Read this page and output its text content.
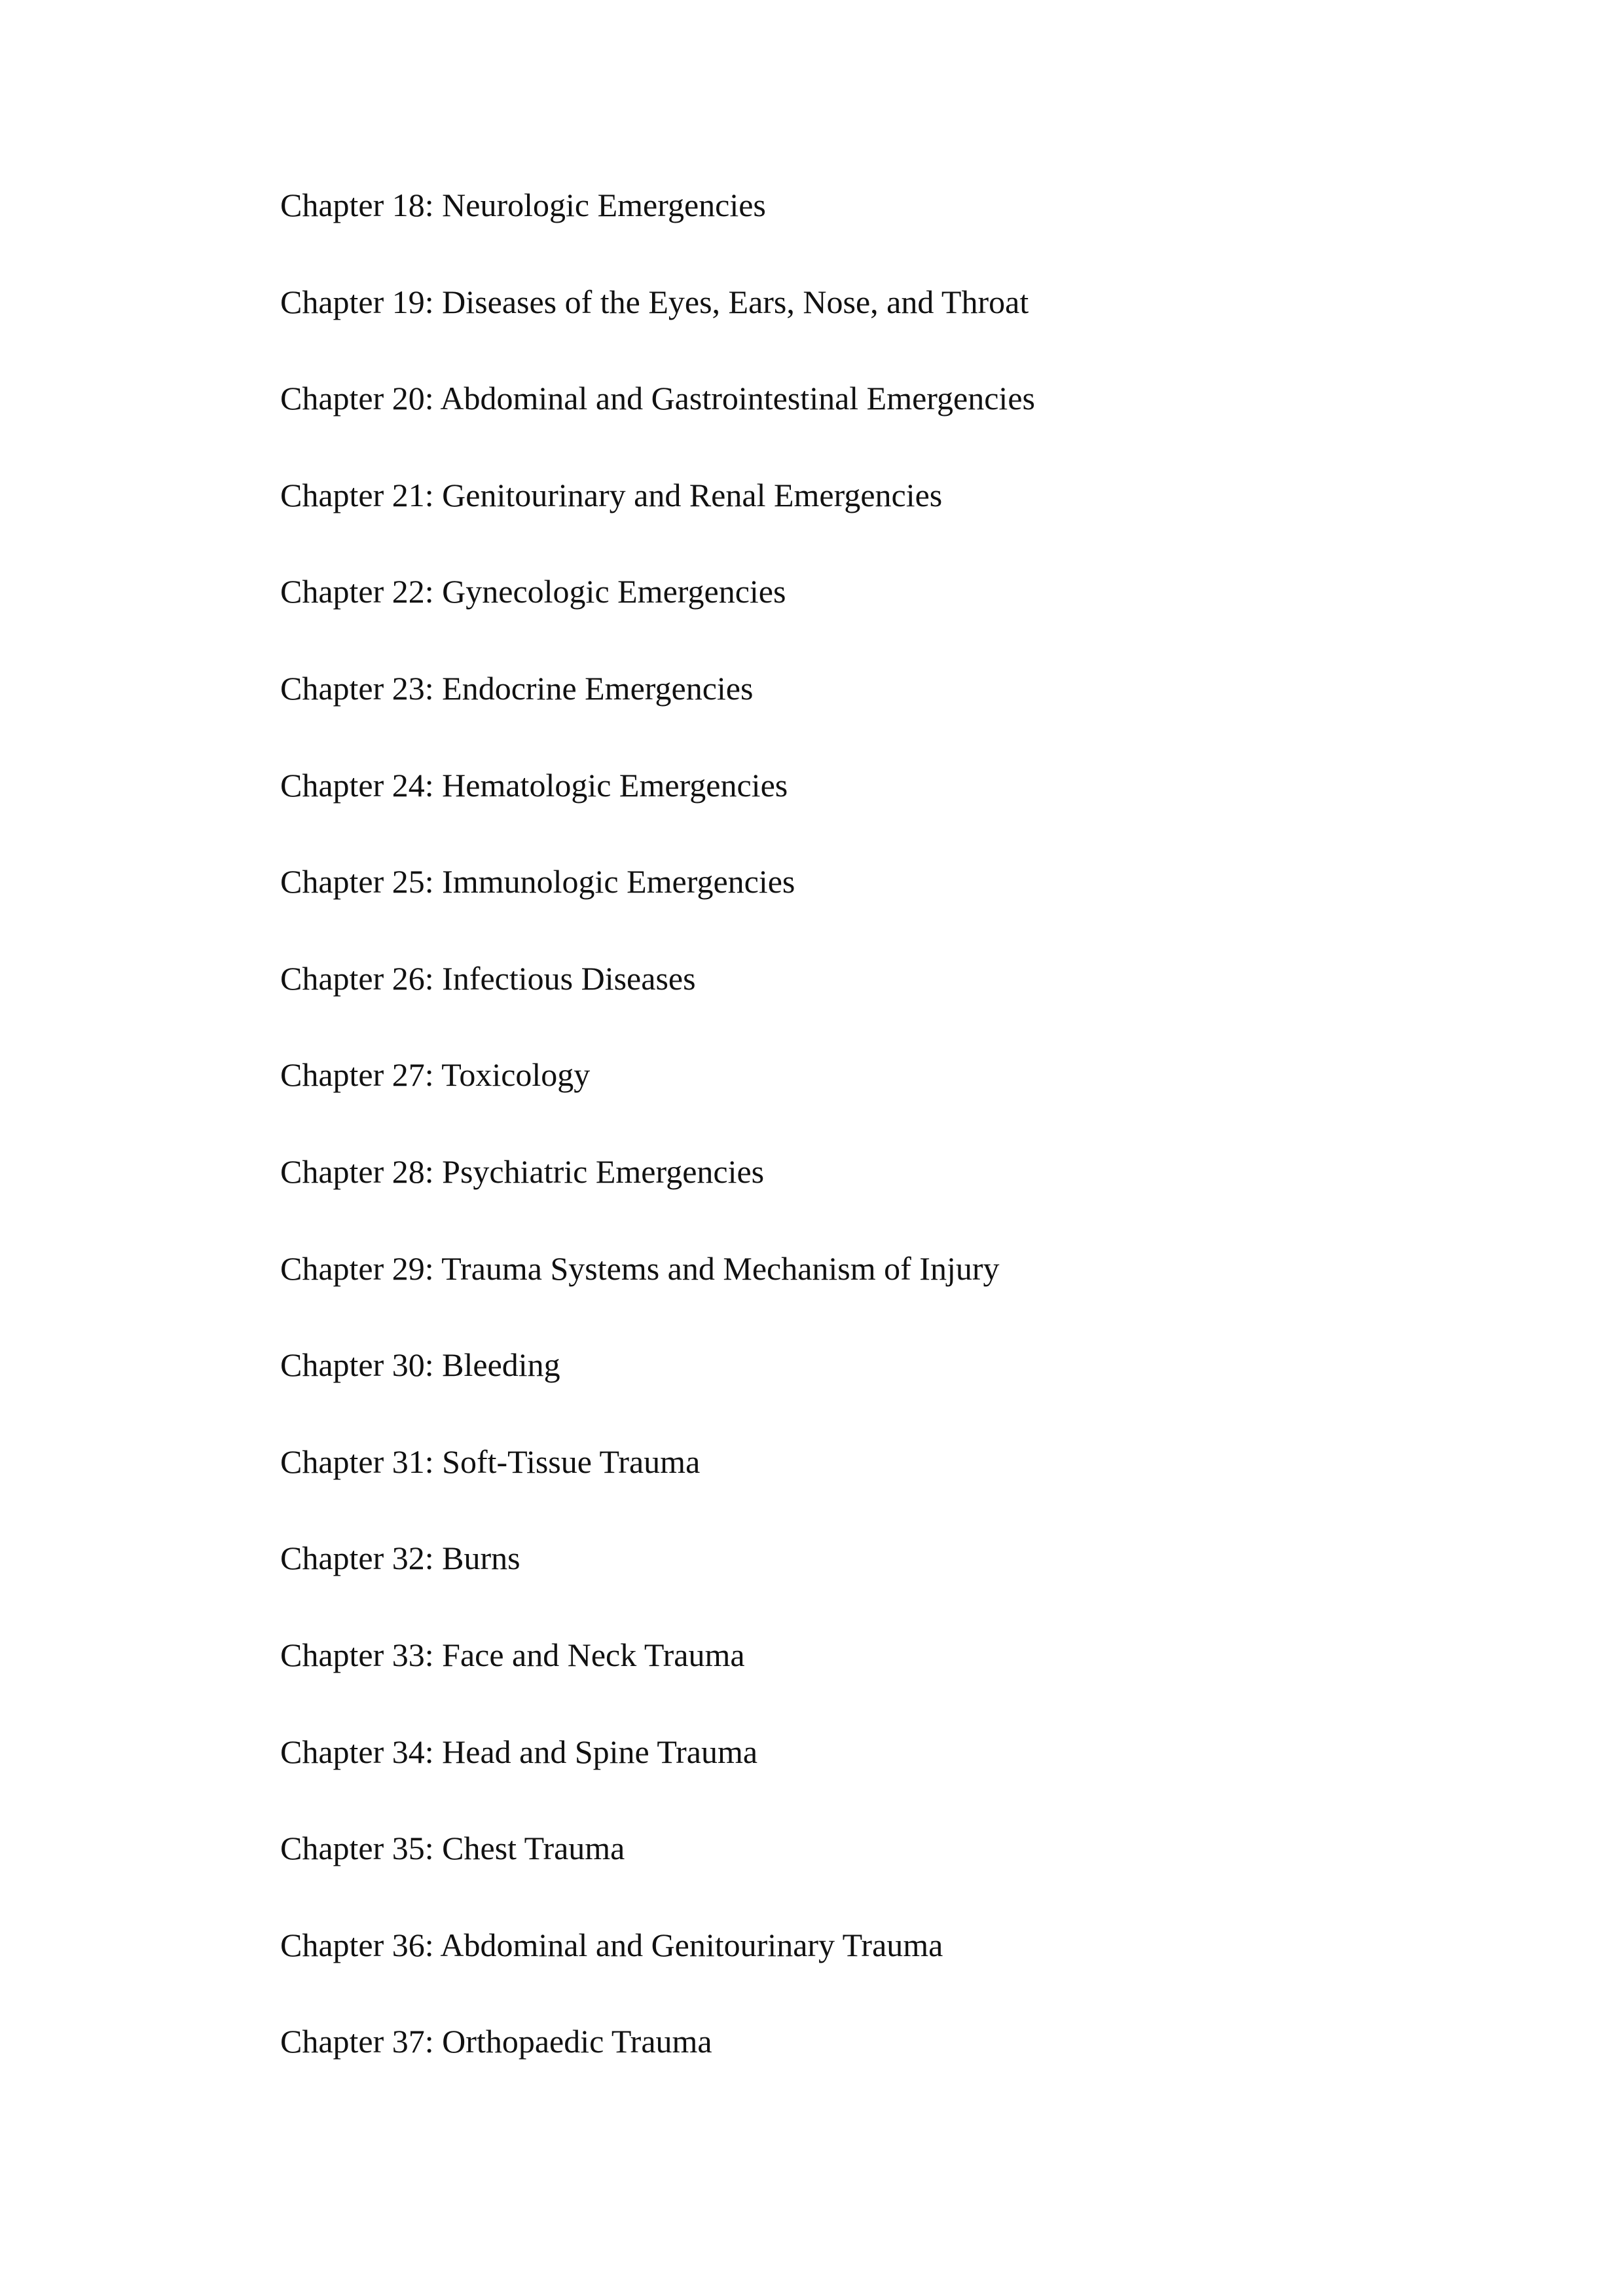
Chapter 18: Neurologic Emergencies
Chapter 19: Diseases of the Eyes, Ears, Nose, and Throat
Chapter 20: Abdominal and Gastrointestinal Emergencies
Chapter 21: Genitourinary and Renal Emergencies
Chapter 22: Gynecologic Emergencies
Chapter 23: Endocrine Emergencies
Chapter 24: Hematologic Emergencies
Chapter 25: Immunologic Emergencies
Chapter 26: Infectious Diseases
Chapter 27: Toxicology
Chapter 28: Psychiatric Emergencies
Chapter 29: Trauma Systems and Mechanism of Injury
Chapter 30: Bleeding
Chapter 31: Soft-Tissue Trauma
Chapter 32: Burns
Chapter 33: Face and Neck Trauma
Chapter 34: Head and Spine Trauma
Chapter 35: Chest Trauma
Chapter 36: Abdominal and Genitourinary Trauma
Chapter 37: Orthopaedic Trauma
